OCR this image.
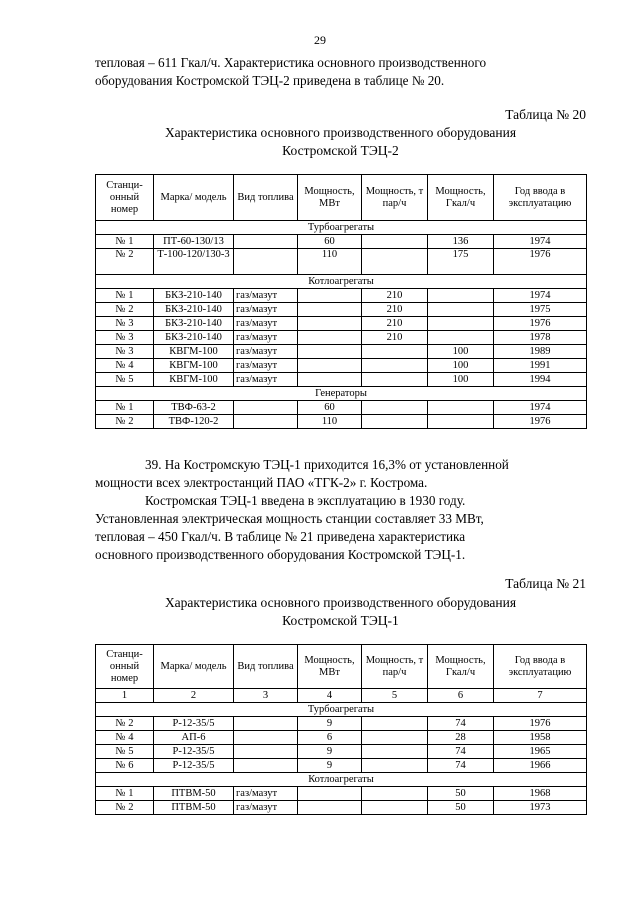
29
тепловая – 611 Гкал/ч. Характеристика основного производственного
оборудования Костромской ТЭЦ-2 приведена в таблице № 20.
Таблица № 20
Характеристика основного производственного оборудования
Костромской ТЭЦ-2
Станци-онный номер	Марка/ модель	Вид топлива	Мощность, МВт	Мощность, т пар/ч	Мощность, Гкал/ч	Год ввода в эксплуатацию
Турбоагрегаты						
№ 1	ПТ-60-130/13		60		136	1974
№ 2	Т-100-120/130-3		110		175	1976
Котлоагрегаты						
№ 1	БКЗ-210-140	газ/мазут		210		1974
№ 2	БКЗ-210-140	газ/мазут		210		1975
№ 3	БКЗ-210-140	газ/мазут		210		1976
№ 3	БКЗ-210-140	газ/мазут		210		1978
№ 3	КВГМ-100	газ/мазут			100	1989
№ 4	КВГМ-100	газ/мазут			100	1991
№ 5	КВГМ-100	газ/мазут			100	1994
Генераторы						
№ 1	ТВФ-63-2		60			1974
№ 2	ТВФ-120-2		110			1976
39. На Костромскую ТЭЦ-1 приходится 16,3% от установленной
мощности всех электростанций ПАО «ТГК-2» г. Кострома.
Костромская ТЭЦ-1 введена в эксплуатацию в 1930 году.
Установленная электрическая мощность станции составляет 33 МВт,
тепловая – 450 Гкал/ч. В таблице № 21 приведена характеристика
основного производственного оборудования Костромской ТЭЦ-1.
Таблица № 21
Характеристика основного производственного оборудования
Костромской ТЭЦ-1
Станци-онный номер	Марка/ модель	Вид топлива	Мощность, МВт	Мощность, т пар/ч	Мощность, Гкал/ч	Год ввода в эксплуатацию
1	2	3	4	5	6	7
Турбоагрегаты						
№ 2	Р-12-35/5		9		74	1976
№ 4	АП-6		6		28	1958
№ 5	Р-12-35/5		9		74	1965
№ 6	Р-12-35/5		9		74	1966
Котлоагрегаты						
№ 1	ПТВМ-50	газ/мазут			50	1968
№ 2	ПТВМ-50	газ/мазут			50	1973
